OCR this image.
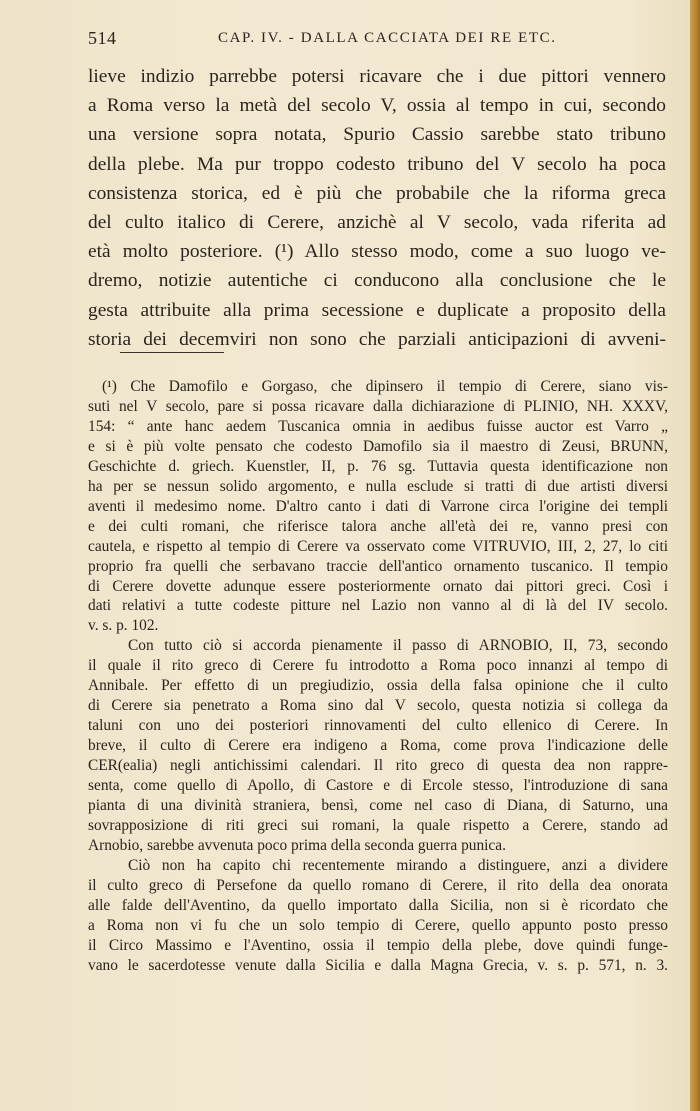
514	CAP. IV. - DALLA CACCIATA DEI RE ETC.
lieve indizio parrebbe potersi ricavare che i due pittori vennero
a Roma verso la metà del secolo V, ossia al tempo in cui, secondo
una versione sopra notata, Spurio Cassio sarebbe stato tribuno
della plebe. Ma pur troppo codesto tribuno del V secolo ha poca
consistenza storica, ed è più che probabile che la riforma greca
del culto italico di Cerere, anzichè al V secolo, vada riferita ad
età molto posteriore. (¹) Allo stesso modo, come a suo luogo ve-
dremo, notizie autentiche ci conducono alla conclusione che le
gesta attribuite alla prima secessione e duplicate a proposito della
storia dei decemviri non sono che parziali anticipazioni di avveni-
(¹) Che Damofilo e Gorgaso, che dipinsero il tempio di Cerere, siano vis-
suti nel V secolo, pare si possa ricavare dalla dichiarazione di PLINIO, NH. XXXV,
154: “ ante hanc aedem Tuscanica omnia in aedibus fuisse auctor est Varro „
e si è più volte pensato che codesto Damofilo sia il maestro di Zeusi, BRUNN,
Geschichte d. griech. Kuenstler, II, p. 76 sg. Tuttavia questa identificazione non
ha per se nessun solido argomento, e nulla esclude si tratti di due artisti diversi
aventi il medesimo nome. D'altro canto i dati di Varrone circa l'origine dei templi
e dei culti romani, che riferisce talora anche all'età dei re, vanno presi con
cautela, e rispetto al tempio di Cerere va osservato come VITRUVIO, III, 2, 27, lo citi
proprio fra quelli che serbavano traccie dell'antico ornamento tuscanico. Il tempio
di Cerere dovette adunque essere posteriormente ornato dai pittori greci. Così i
dati relativi a tutte codeste pitture nel Lazio non vanno al di là del IV secolo.
v. s. p. 102.
Con tutto ciò si accorda pienamente il passo di ARNOBIO, II, 73, secondo
il quale il rito greco di Cerere fu introdotto a Roma poco innanzi al tempo di
Annibale. Per effetto di un pregiudizio, ossia della falsa opinione che il culto
di Cerere sia penetrato a Roma sino dal V secolo, questa notizia si collega da
taluni con uno dei posteriori rinnovamenti del culto ellenico di Cerere. In
breve, il culto di Cerere era indigeno a Roma, come prova l'indicazione delle
CER(ealia) negli antichissimi calendari. Il rito greco di questa dea non rappre-
senta, come quello di Apollo, di Castore e di Ercole stesso, l'introduzione di sana
pianta di una divinità straniera, bensì, come nel caso di Diana, di Saturno, una
sovrapposizione di riti greci sui romani, la quale rispetto a Cerere, stando ad
Arnobio, sarebbe avvenuta poco prima della seconda guerra punica.
Ciò non ha capito chi recentemente mirando a distinguere, anzi a dividere
il culto greco di Persefone da quello romano di Cerere, il rito della dea onorata
alle falde dell'Aventino, da quello importato dalla Sicilia, non si è ricordato che
a Roma non vi fu che un solo tempio di Cerere, quello appunto posto presso
il Circo Massimo e l'Aventino, ossia il tempio della plebe, dove quindi funge-
vano le sacerdotesse venute dalla Sicilia e dalla Magna Grecia, v. s. p. 571, n. 3.
